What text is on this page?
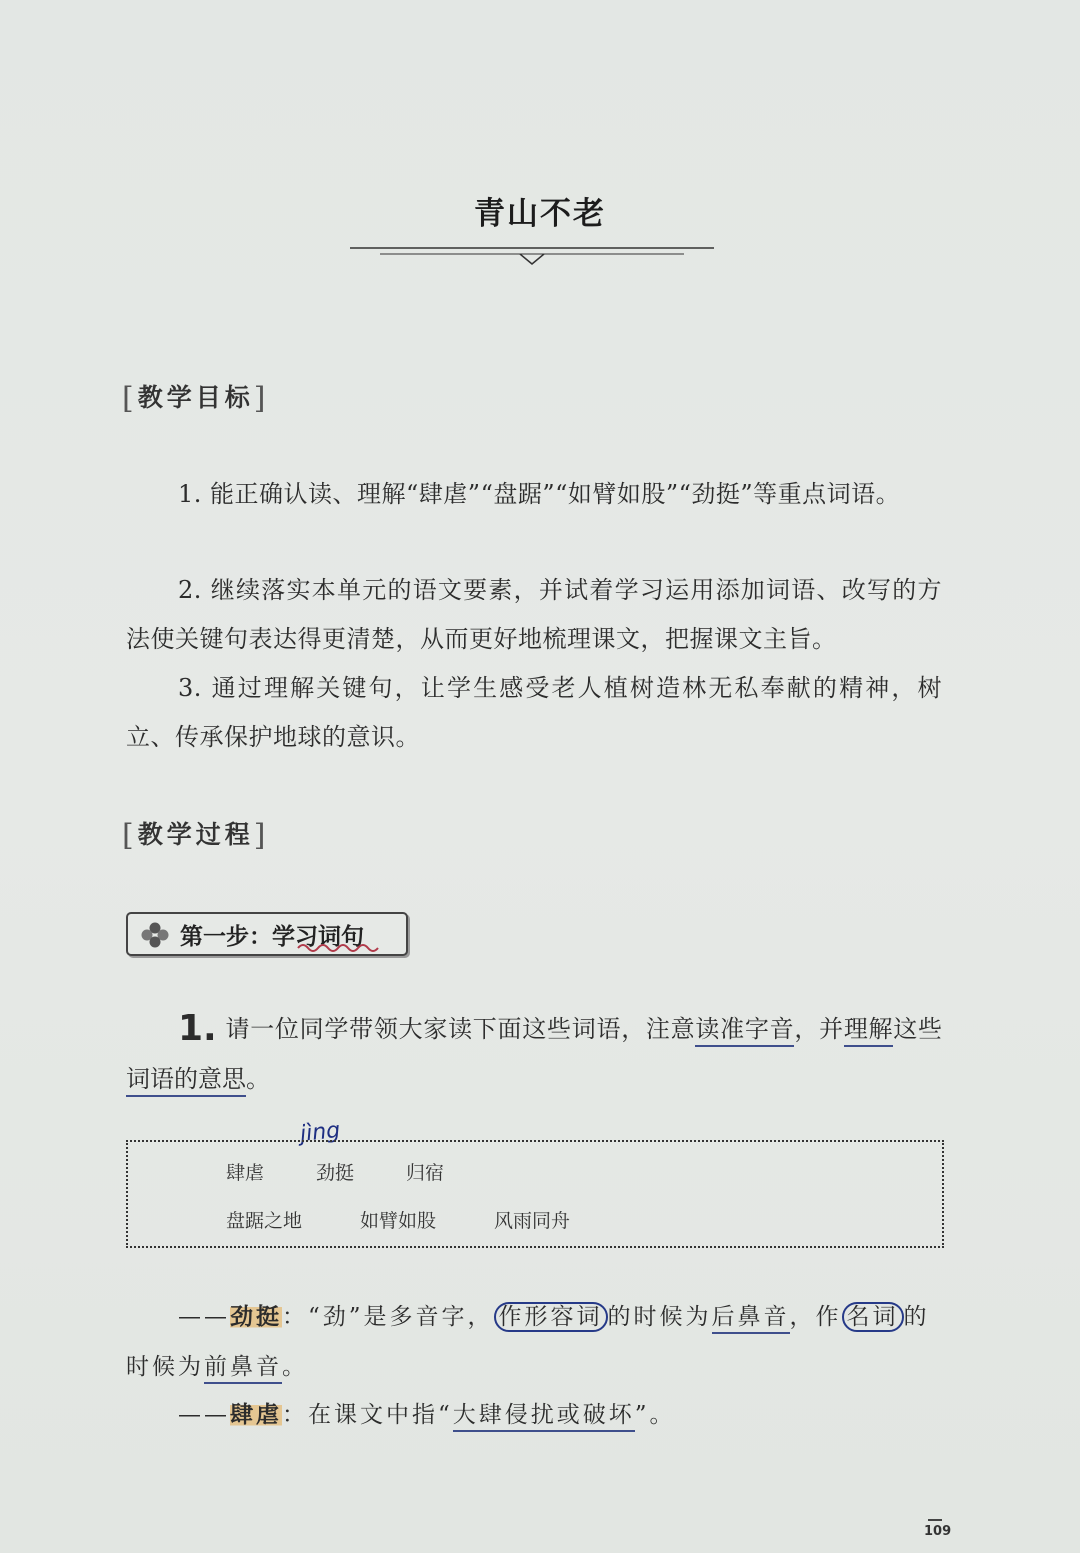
青山不老
[教学目标]
1. 能正确认读、理解“肆虐”“盘踞”“如臂如股”“劲挺”等重点词语。
2. 继续落实本单元的语文要素，并试着学习运用添加词语、改写的方法使关键句表达得更清楚，从而更好地梳理课文，把握课文主旨。
3. 通过理解关键句，让学生感受老人植树造林无私奉献的精神，树立、传承保护地球的意识。
[教学过程]
第一步：学习词句
1. 请一位同学带领大家读下面这些词语，注意读准字音，并理解这些词语的意思。
jìng
肆虐	劲挺	归宿
盘踞之地	如臂如股	风雨同舟
——劲挺：“劲”是多音字， 作形容词 的时候为后鼻音，作 名词 的时候为前鼻音。
——肆虐：在课文中指“大肆侵扰或破坏”。
109
